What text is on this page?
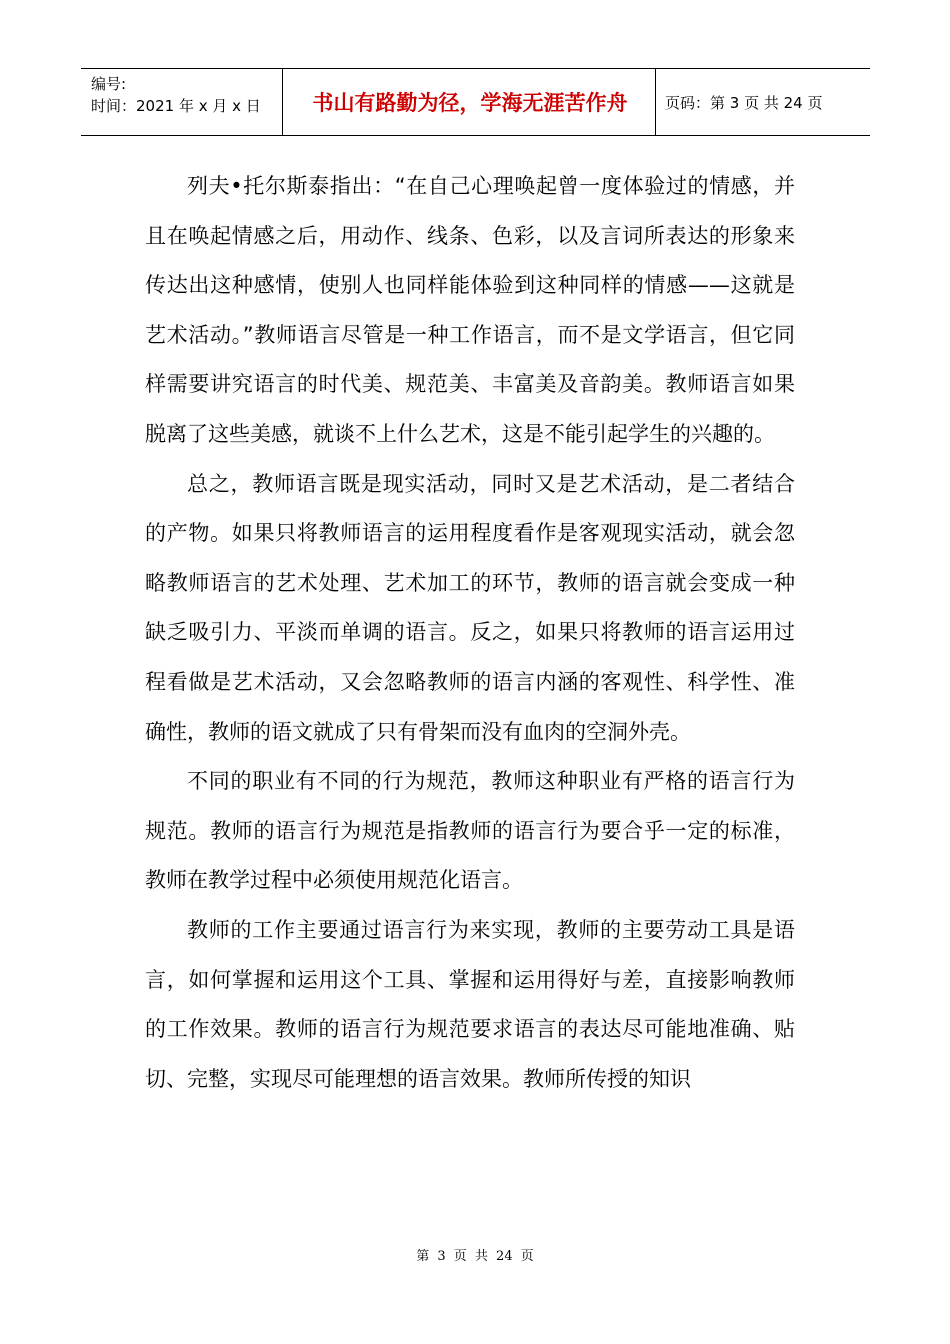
编号:
时间：2021 年 x 月 x 日	书山有路勤为径，学海无涯苦作舟	页码：第 3 页 共 24 页

列夫•托尔斯泰指出：“在自己心理唤起曾一度体验过的情感，并且在唤起情感之后，用动作、线条、色彩，以及言词所表达的形象来传达出这种感情，使别人也同样能体验到这种同样的情感——这就是艺术活动。”教师语言尽管是一种工作语言，而不是文学语言，但它同样需要讲究语言的时代美、规范美、丰富美及音韵美。教师语言如果脱离了这些美感，就谈不上什么艺术，这是不能引起学生的兴趣的。

总之，教师语言既是现实活动，同时又是艺术活动，是二者结合的产物。如果只将教师语言的运用程度看作是客观现实活动，就会忽略教师语言的艺术处理、艺术加工的环节，教师的语言就会变成一种缺乏吸引力、平淡而单调的语言。反之，如果只将教师的语言运用过程看做是艺术活动，又会忽略教师的语言内涵的客观性、科学性、准确性，教师的语文就成了只有骨架而没有血肉的空洞外壳。

不同的职业有不同的行为规范，教师这种职业有严格的语言行为规范。教师的语言行为规范是指教师的语言行为要合乎一定的标准，教师在教学过程中必须使用规范化语言。

教师的工作主要通过语言行为来实现，教师的主要劳动工具是语言，如何掌握和运用这个工具、掌握和运用得好与差，直接影响教师的工作效果。教师的语言行为规范要求语言的表达尽可能地准确、贴切、完整，实现尽可能理想的语言效果。教师所传授的知识

第 3 页 共 24 页
